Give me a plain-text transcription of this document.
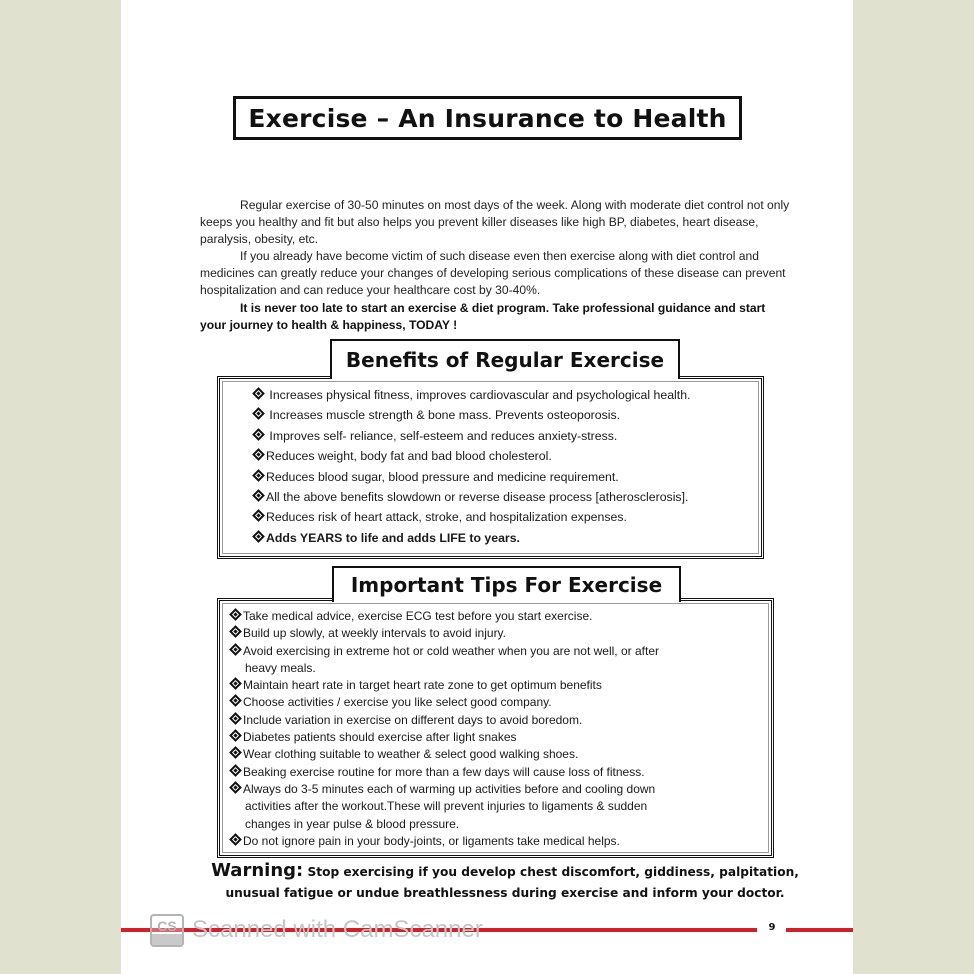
Exercise – An Insurance to Health

Regular exercise of 30-50 minutes on most days of the week. Along with moderate diet control not only keeps you healthy and fit but also helps you prevent killer diseases like high BP, diabetes, heart disease, paralysis, obesity, etc.

If you already have become victim of such disease even then exercise along with diet control and medicines can greatly reduce your changes of developing serious complications of these disease can prevent hospitalization and can reduce your healthcare cost by 30-40%.

It is never too late to start an exercise & diet program. Take professional guidance and start your journey to health & happiness, TODAY !

Benefits of Regular Exercise
Increases physical fitness, improves cardiovascular and psychological health.
Increases muscle strength & bone mass. Prevents osteoporosis.
Improves self- reliance, self-esteem and reduces anxiety-stress.
Reduces weight, body fat and bad blood cholesterol.
Reduces blood sugar, blood pressure and medicine requirement.
All the above benefits slowdown or reverse disease process [atherosclerosis].
Reduces risk of heart attack, stroke, and hospitalization expenses.
Adds YEARS to life and adds LIFE to years.
Important Tips For Exercise
Take medical advice, exercise ECG test before you start exercise.
Build up slowly, at weekly intervals to avoid injury.
Avoid exercising in extreme hot or cold weather when you are not well, or after
heavy meals.
Maintain heart rate in target heart rate zone to get optimum benefits
Choose activities / exercise you like select good company.
Include variation in exercise on different days to avoid boredom.
Diabetes patients should exercise after light snakes
Wear clothing suitable to weather & select good walking shoes.
Beaking exercise routine for more than a few days will cause loss of fitness.
Always do 3-5 minutes each of warming up activities before and cooling down
activities after the workout.These will prevent injuries to ligaments & sudden
changes in year pulse & blood pressure.
Do not ignore pain in your body-joints, or ligaments take medical helps.
Warning: Stop exercising if you develop chest discomfort, giddiness, palpitation, unusual fatigue or undue breathlessness during exercise and inform your doctor.
9
CS Scanned with CamScanner
